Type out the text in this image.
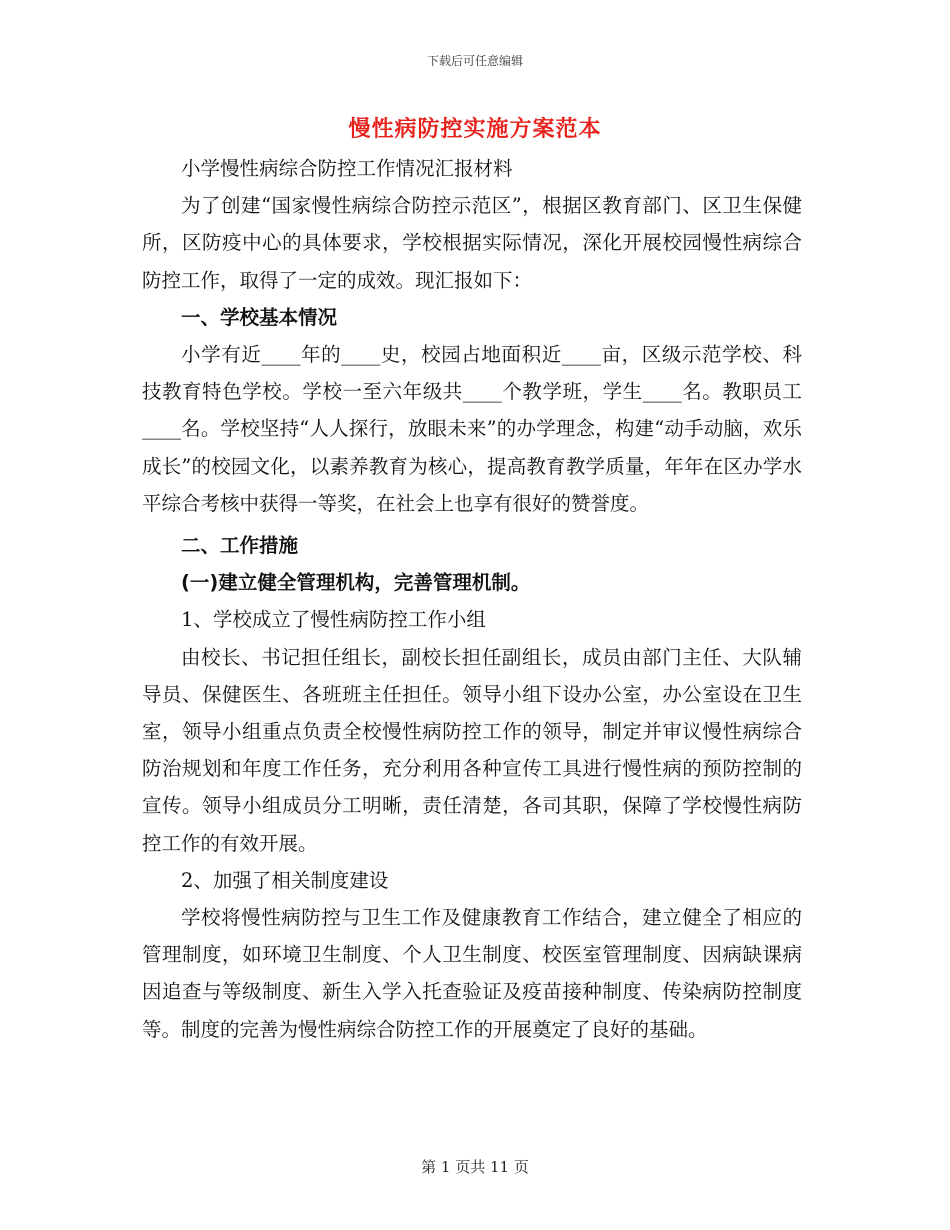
下载后可任意编辑
慢性病防控实施方案范本

小学慢性病综合防控工作情况汇报材料

为了创建“国家慢性病综合防控示范区”，根据区教育部门、区卫生保健所，区防疫中心的具体要求，学校根据实际情况，深化开展校园慢性病综合防控工作，取得了一定的成效。现汇报如下：

一、学校基本情况

小学有近____年的____史，校园占地面积近____亩，区级示范学校、科技教育特色学校。学校一至六年级共____个教学班，学生____名。教职员工____名。学校坚持“人人探行，放眼未来”的办学理念，构建“动手动脑，欢乐成长”的校园文化，以素养教育为核心，提高教育教学质量，年年在区办学水平综合考核中获得一等奖，在社会上也享有很好的赞誉度。

二、工作措施

(一)建立健全管理机构，完善管理机制。

1、学校成立了慢性病防控工作小组

由校长、书记担任组长，副校长担任副组长，成员由部门主任、大队辅导员、保健医生、各班班主任担任。领导小组下设办公室，办公室设在卫生室，领导小组重点负责全校慢性病防控工作的领导，制定并审议慢性病综合防治规划和年度工作任务，充分利用各种宣传工具进行慢性病的预防控制的宣传。领导小组成员分工明晰，责任清楚，各司其职，保障了学校慢性病防控工作的有效开展。

2、加强了相关制度建设

学校将慢性病防控与卫生工作及健康教育工作结合，建立健全了相应的管理制度，如环境卫生制度、个人卫生制度、校医室管理制度、因病缺课病因追查与等级制度、新生入学入托查验证及疫苗接种制度、传染病防控制度等。制度的完善为慢性病综合防控工作的开展奠定了良好的基础。

第 1 页共 11 页
